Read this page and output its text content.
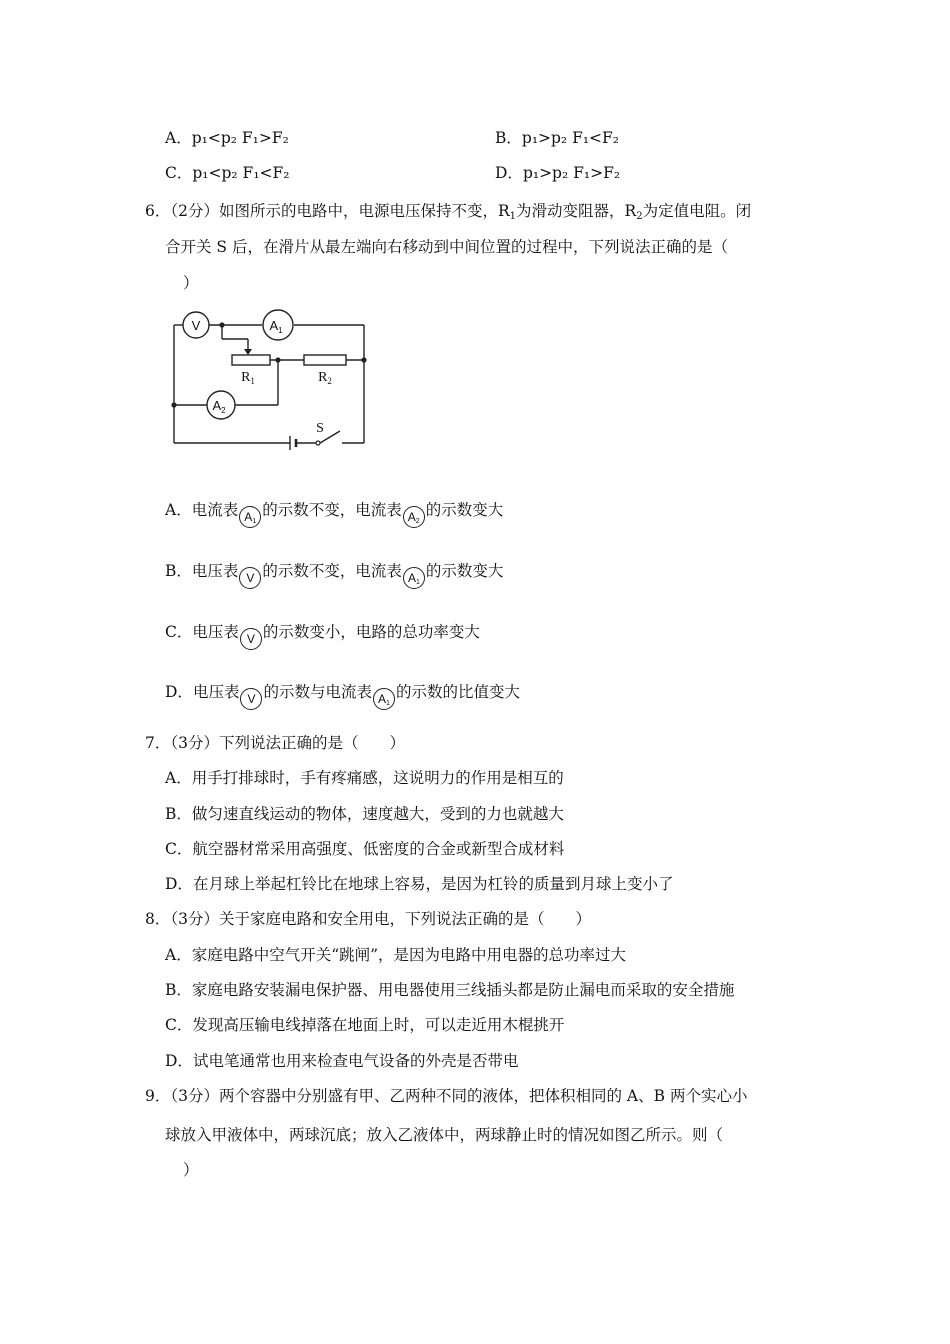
A．p₁<p₂ F₁>F₂	B．p₁>p₂ F₁<F₂
C．p₁<p₂ F₁<F₂	D．p₁>p₂ F₁>F₂
6．（2分）如图所示的电路中，电源电压保持不变，$R_1$为滑动变阻器，$R_2$为定值电阻。闭
合开关 S 后，在滑片从最左端向右移动到中间位置的过程中，下列说法正确的是（
）
V	$A_1$
$A_2$
$R_1$	$R_2$
S
A．电流表 $A_1$的示数不变，电流表 $A_2$的示数变大
B．电压表 V 的示数不变，电流表 $A_1$的示数变大
C．电压表 V 的示数变小，电路的总功率变大
D．电压表 V 的示数与电流表 $A_1$的示数的比值变大
7．（3分）下列说法正确的是（　　）
A．用手打排球时，手有疼痛感，这说明力的作用是相互的
B．做匀速直线运动的物体，速度越大，受到的力也就越大
C．航空器材常采用高强度、低密度的合金或新型合成材料
D．在月球上举起杠铃比在地球上容易，是因为杠铃的质量到月球上变小了
8．（3分）关于家庭电路和安全用电，下列说法正确的是（　　）
A．家庭电路中空气开关“跳闸”，是因为电路中用电器的总功率过大
B．家庭电路安装漏电保护器、用电器使用三线插头都是防止漏电而采取的安全措施
C．发现高压输电线掉落在地面上时，可以走近用木棍挑开
D．试电笔通常也用来检查电气设备的外壳是否带电
9．（3分）两个容器中分别盛有甲、乙两种不同的液体，把体积相同的 A、B 两个实心小
球放入甲液体中，两球沉底；放入乙液体中，两球静止时的情况如图乙所示。则（
）
